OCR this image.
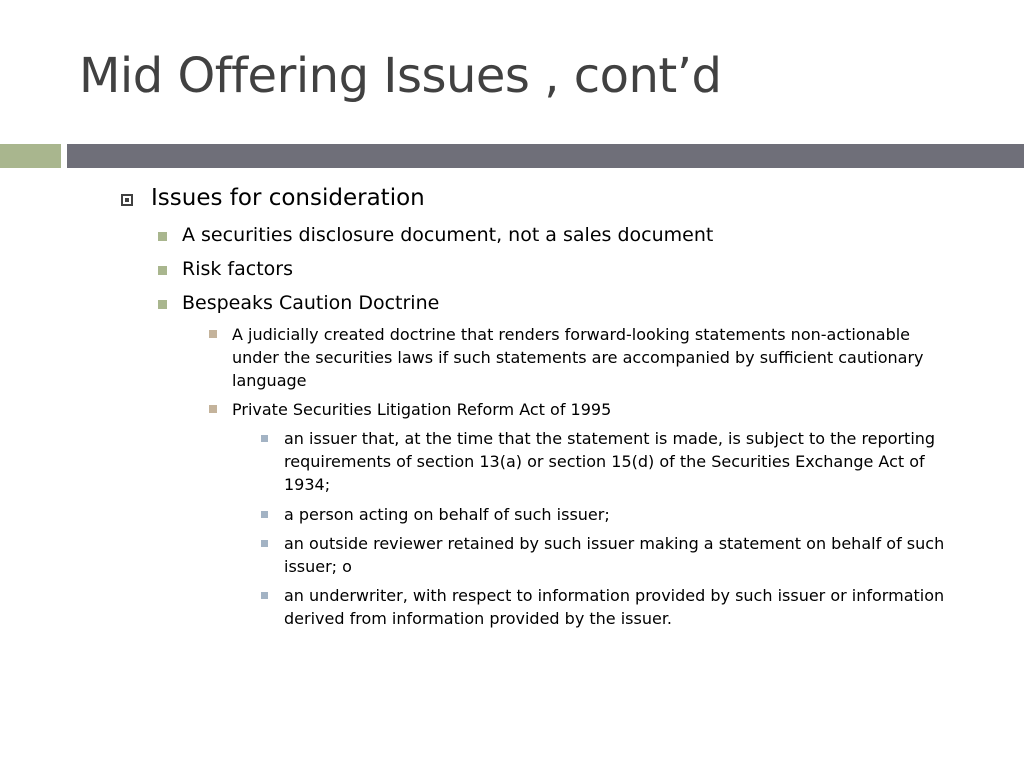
Mid Offering Issues , cont’d
Issues for consideration
A securities disclosure document, not a sales document
Risk factors
Bespeaks Caution Doctrine
A judicially created doctrine that renders forward-looking statements non-actionable under the securities laws if such statements are accompanied by sufficient cautionary language
Private Securities Litigation Reform Act of 1995
an issuer that, at the time that the statement is made, is subject to the reporting requirements of section 13(a) or section 15(d) of the Securities Exchange Act of 1934;
a person acting on behalf of such issuer;
an outside reviewer retained by such issuer making a statement on behalf of such issuer; o
an underwriter, with respect to information provided by such issuer or information derived from information provided by the issuer.
